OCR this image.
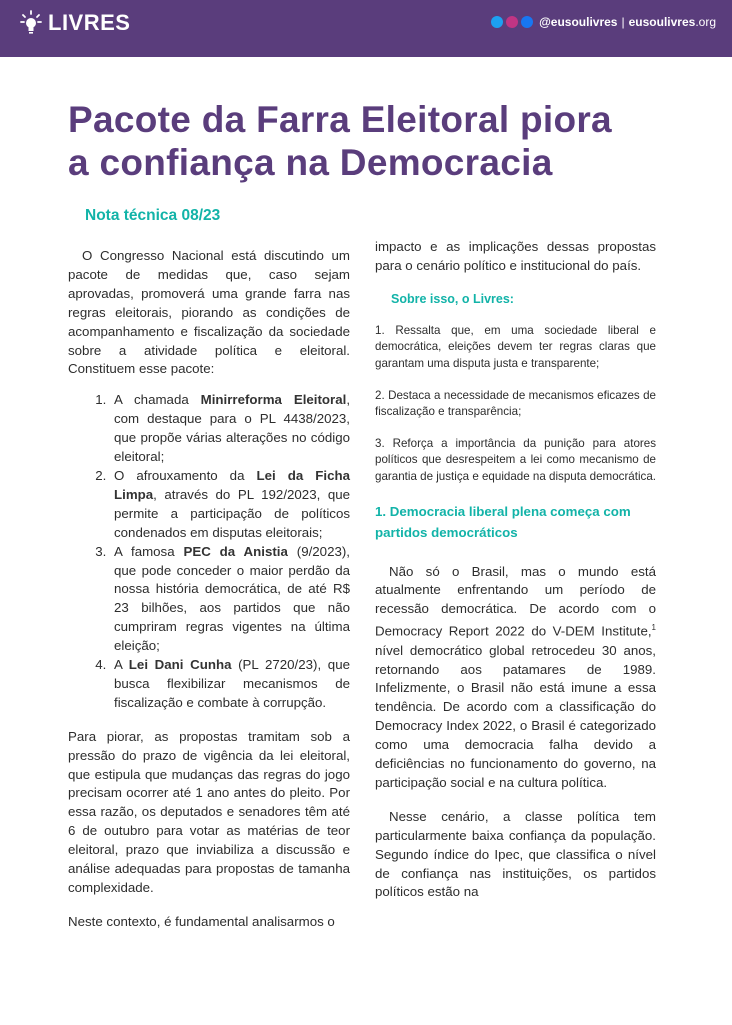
LIVRES	@eusoulivres | eusoulivres.org
Pacote da Farra Eleitoral piora
a confiança na Democracia
Nota técnica 08/23

O Congresso Nacional está discutindo um pacote de medidas que, caso sejam aprovadas, promoverá uma grande farra nas regras eleitorais, piorando as condições de acompanhamento e fiscalização da sociedade sobre a atividade política e eleitoral. Constituem esse pacote:

1. A chamada Minirreforma Eleitoral, com destaque para o PL 4438/2023, que propõe várias alterações no código eleitoral;
2. O afrouxamento da Lei da Ficha Limpa, através do PL 192/2023, que permite a participação de políticos condenados em disputas eleitorais;
3. A famosa PEC da Anistia (9/2023), que pode conceder o maior perdão da nossa história democrática, de até R$ 23 bilhões, aos partidos que não cumpriram regras vigentes na última eleição;
4. A Lei Dani Cunha (PL 2720/23), que busca flexibilizar mecanismos de fiscalização e combate à corrupção.

Para piorar, as propostas tramitam sob a pressão do prazo de vigência da lei eleitoral, que estipula que mudanças das regras do jogo precisam ocorrer até 1 ano antes do pleito. Por essa razão, os deputados e senadores têm até 6 de outubro para votar as matérias de teor eleitoral, prazo que inviabiliza a discussão e análise adequadas para propostas de tamanha complexidade.

Neste contexto, é fundamental analisarmos o

impacto e as implicações dessas propostas para o cenário político e institucional do país.

Sobre isso, o Livres:

1. Ressalta que, em uma sociedade liberal e democrática, eleições devem ter regras claras que garantam uma disputa justa e transparente;

2. Destaca a necessidade de mecanismos eficazes de fiscalização e transparência;

3. Reforça a importância da punição para atores políticos que desrespeitem a lei como mecanismo de garantia de justiça e equidade na disputa democrática.

1. Democracia liberal plena começa com partidos democráticos

Não só o Brasil, mas o mundo está atualmente enfrentando um período de recessão democrática. De acordo com o Democracy Report 2022 do V-DEM Institute,$^1$ nível democrático global retrocedeu 30 anos, retornando aos patamares de 1989. Infelizmente, o Brasil não está imune a essa tendência. De acordo com a classificação do Democracy Index 2022, o Brasil é categorizado como uma democracia falha devido a deficiências no funcionamento do governo, na participação social e na cultura política.

Nesse cenário, a classe política tem particularmente baixa confiança da população. Segundo índice do Ipec, que classifica o nível de confiança nas instituições, os partidos políticos estão na
